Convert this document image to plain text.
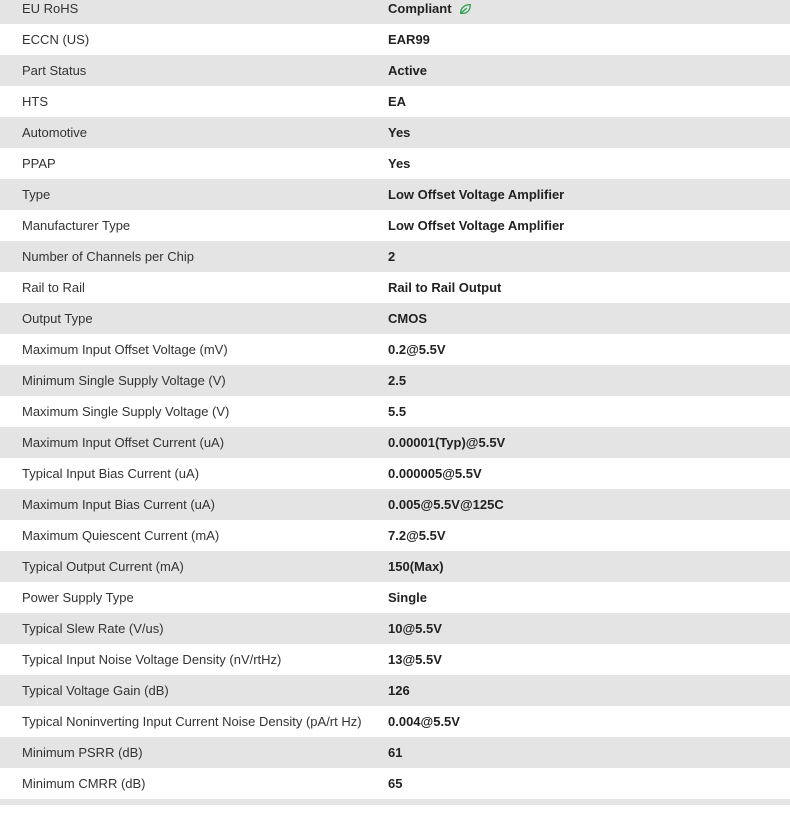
EU RoHS	Compliant
ECCN (US)	EAR99
Part Status	Active
HTS	EA
Automotive	Yes
PPAP	Yes
Type	Low Offset Voltage Amplifier
Manufacturer Type	Low Offset Voltage Amplifier
Number of Channels per Chip	2
Rail to Rail	Rail to Rail Output
Output Type	CMOS
Maximum Input Offset Voltage (mV)	0.2@5.5V
Minimum Single Supply Voltage (V)	2.5
Maximum Single Supply Voltage (V)	5.5
Maximum Input Offset Current (uA)	0.00001(Typ)@5.5V
Typical Input Bias Current (uA)	0.000005@5.5V
Maximum Input Bias Current (uA)	0.005@5.5V@125C
Maximum Quiescent Current (mA)	7.2@5.5V
Typical Output Current (mA)	150(Max)
Power Supply Type	Single
Typical Slew Rate (V/us)	10@5.5V
Typical Input Noise Voltage Density (nV/rtHz)	13@5.5V
Typical Voltage Gain (dB)	126
Typical Noninverting Input Current Noise Density (pA/rt Hz)	0.004@5.5V
Minimum PSRR (dB)	61
Minimum CMRR (dB)	65
